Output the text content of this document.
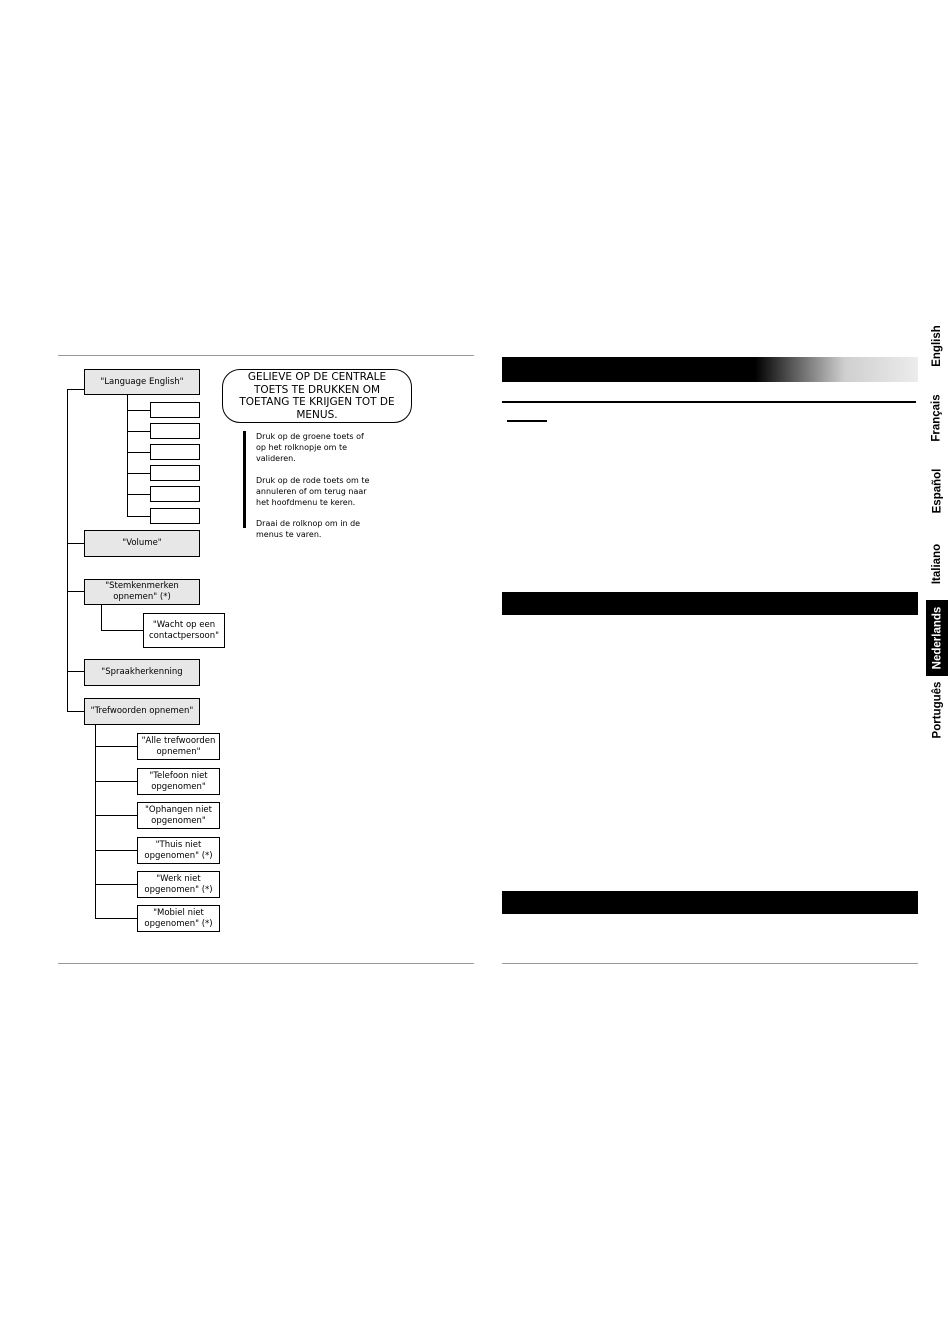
"Language English"
"Volume"
"Stemkenmerken
opnemen" (*)
"Spraakherkenning
"Trefwoorden opnemen"
"Wacht op een
contactpersoon"
"Alle trefwoorden
opnemen"
"Telefoon niet
opgenomen"
"Ophangen niet
opgenomen"
"Thuis niet
opgenomen" (*)
"Werk niet
opgenomen" (*)
"Mobiel niet
opgenomen" (*)
GELIEVE OP DE CENTRALE
TOETS TE DRUKKEN OM
TOETANG TE KRIJGEN TOT DE
MENUS.
Druk op de groene toets of
op het rolknopje om te
valideren.
Druk op de rode toets om te
annuleren of om terug naar
het hoofdmenu te keren.
Draai de rolknop om in de
menus te varen.
English
Français
Español
Italiano
Nederlands
Português
